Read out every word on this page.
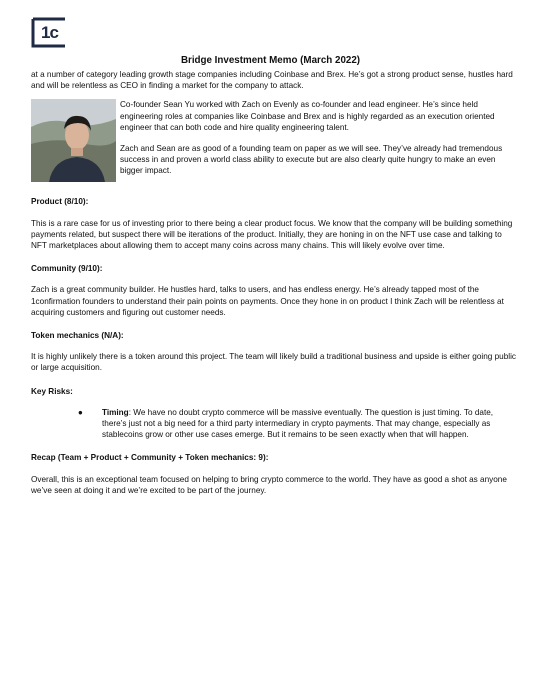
1c
Bridge Investment Memo (March 2022)

at a number of category leading growth stage companies including Coinbase and Brex. He’s got a strong product sense, hustles hard and will be relentless as CEO in finding a market for the company to attack.

Co-founder Sean Yu worked with Zach on Evenly as co-founder and lead engineer. He’s since held engineering roles at companies like Coinbase and Brex and is highly regarded as an execution oriented engineer that can both code and hire quality engineering talent.

Zach and Sean are as good of a founding team on paper as we will see. They’ve already had tremendous success in and proven a world class ability to execute but are also clearly quite hungry to make an even bigger impact.

Product (8/10):

This is a rare case for us of investing prior to there being a clear product focus. We know that the company will be building something payments related, but suspect there will be iterations of the product. Initially, they are honing in on the NFT use case and talking to NFT marketplaces about allowing them to accept many coins across many chains. This will likely evolve over time.

Community (9/10):

Zach is a great community builder. He hustles hard, talks to users, and has endless energy. He’s already tapped most of the 1confirmation founders to understand their pain points on payments. Once they hone in on product I think Zach will be relentless at acquiring customers and figuring out customer needs.

Token mechanics (N/A):

It is highly unlikely there is a token around this project. The team will likely build a traditional business and upside is either going public or large acquisition.

Key Risks:

●	Timing: We have no doubt crypto commerce will be massive eventually. The question is just timing. To date, there’s just not a big need for a third party intermediary in crypto payments. That may change, especially as stablecoins grow or other use cases emerge. But it remains to be seen exactly when that will happen.

Recap (Team + Product + Community + Token mechanics: 9):

Overall, this is an exceptional team focused on helping to bring crypto commerce to the world. They have as good a shot as anyone we’ve seen at doing it and we’re excited to be part of the journey.
